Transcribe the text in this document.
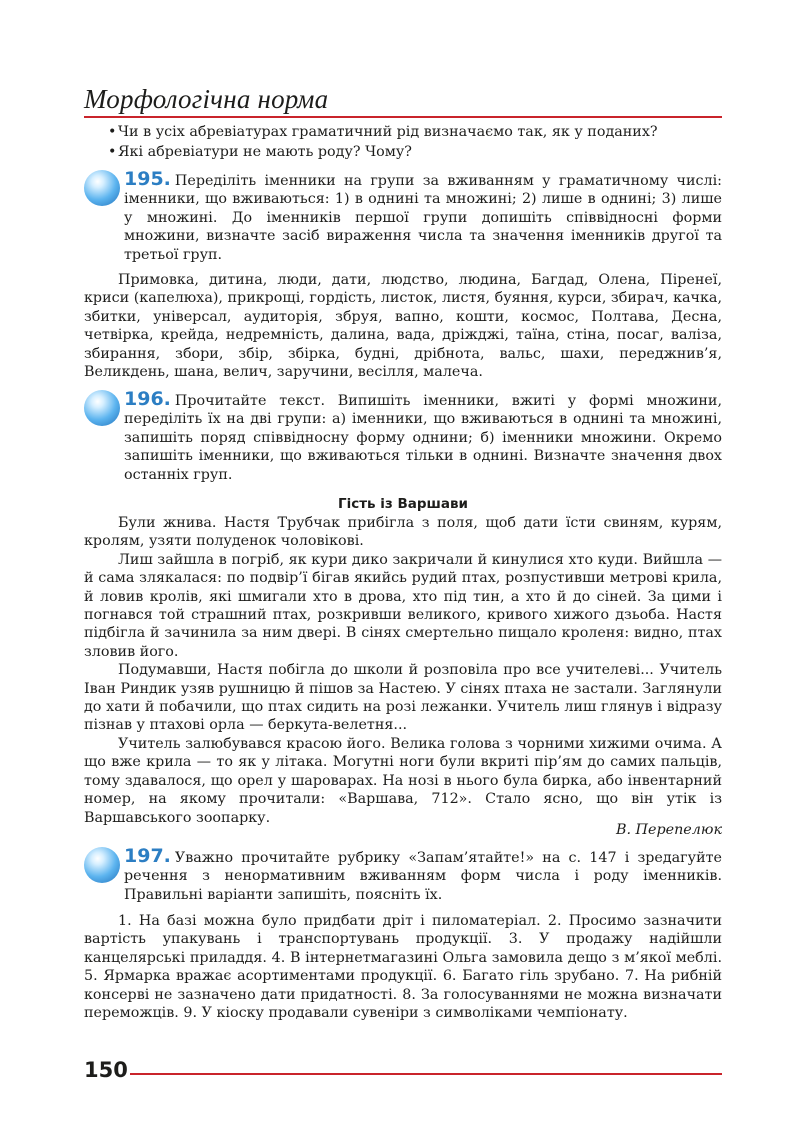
Морфологічна норма
• Чи в усіх абревіатурах граматичний рід визначаємо так, як у поданих?
• Які абревіатури не мають роду? Чому?
195. Переділіть іменники на групи за вживанням у граматичному числі: іменники, що вживаються: 1) в однині та множині; 2) лише в однині; 3) лише у множині. До іменників першої групи допишіть співвідносні форми множини, визначте засіб вираження числа та значення іменників другої та третьої груп.

Примовка, дитина, люди, дати, людство, людина, Багдад, Олена, Піренеї, криси (капелюха), прикрощі, гордість, листок, листя, буяння, курси, збирач, качка, збитки, універсал, аудиторія, збруя, вапно, кошти, космос, Полтава, Десна, четвірка, крейда, недремність, далина, вада, дріжджі, таїна, стіна, посаг, валіза, збирання, збори, збір, збірка, будні, дрібнота, вальс, шахи, переджнив’я, Великдень, шана, велич, заручини, весілля, малеча.

196. Прочитайте текст. Випишіть іменники, вжиті у формі множини, переділіть їх на дві групи: а) іменники, що вживаються в однині та множині, запишіть поряд співвідносну форму однини; б) іменники множини. Окремо запишіть іменники, що вживаються тільки в однині. Визначте значення двох останніх груп.
Гість із Варшави

Були жнива. Настя Трубчак прибігла з поля, щоб дати їсти свиням, курям, кролям, узяти полуденок чоловікові.

Лиш зайшла в погріб, як кури дико закричали й кинулися хто куди. Вийшла — й сама злякалася: по подвір’ї бігав якийсь рудий птах, розпустивши метрові крила, й ловив кролів, які шмигали хто в дрова, хто під тин, а хто й до сіней. За цими і погнався той страшний птах, розкривши великого, кривого хижого дзьоба. Настя підбігла й зачинила за ним двері. В сінях смертельно пищало кроленя: видно, птах зловив його.

Подумавши, Настя побігла до школи й розповіла про все учителеві... Учитель Іван Риндик узяв рушницю й пішов за Настею. У сінях птаха не застали. Заглянули до хати й побачили, що птах сидить на розі лежанки. Учитель лиш глянув і відразу пізнав у птахові орла — беркута-велетня...

Учитель залюбувався красою його. Велика голова з чорними хижими очима. А що вже крила — то як у літака. Могутні ноги були вкриті пір’ям до самих пальців, тому здавалося, що орел у шароварах. На нозі в нього була бирка, або інвентарний номер, на якому прочитали: «Варшава, 712». Стало ясно, що він утік із Варшавського зоопарку.

В. Перепелюк
197. Уважно прочитайте рубрику «Запам’ятайте!» на с. 147 і зредагуйте речення з ненормативним вживанням форм числа і роду іменників. Правильні варіанти запишіть, поясніть їх.

1. На базі можна було придбати дріт і пиломатеріал. 2. Просимо зазначити вартість упакувань і транспортувань продукції. 3. У продажу надійшли канцелярські приладдя. 4. В інтернетмагазині Ольга замовила дещо з м’якої меблі. 5. Ярмарка вражає асортиментами продукції. 6. Багато гіль зрубано. 7. На рибній консерві не зазначено дати придатності. 8. За голосуваннями не можна визначати переможців. 9. У кіоску продавали сувеніри з символіками чемпіонату.

150
